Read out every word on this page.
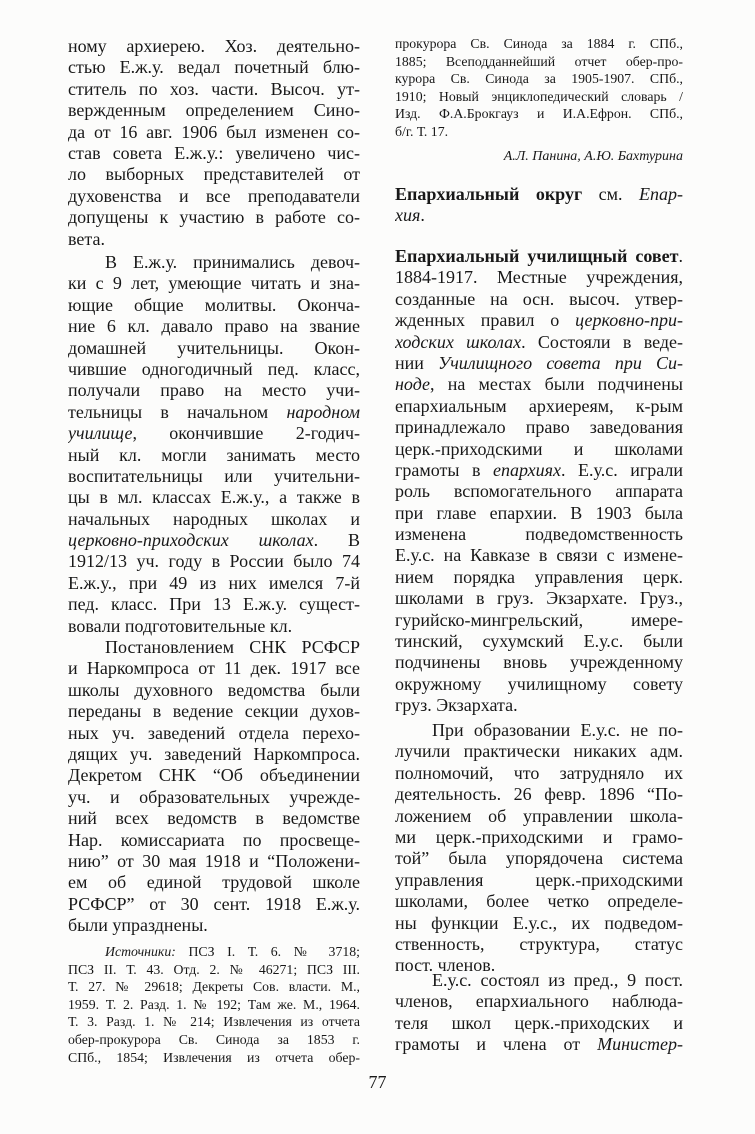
ному архиерею. Хоз. деятельно-
стью Е.ж.у. ведал почетный блю-
ститель по хоз. части. Высоч. ут-
вержденным определением Сино-
да от 16 авг. 1906 был изменен со-
став совета Е.ж.у.: увеличено чис-
ло выборных представителей от
духовенства и все преподаватели
допущены к участию в работе со-
вета.
В Е.ж.у. принимались девоч-
ки с 9 лет, умеющие читать и зна-
ющие общие молитвы. Оконча-
ние 6 кл. давало право на звание
домашней учительницы. Окон-
чившие одногодичный пед. класс,
получали право на место учи-
тельницы в начальном народном
училище, окончившие 2-годич-
ный кл. могли занимать место
воспитательницы или учительни-
цы в мл. классах Е.ж.у., а также в
начальных народных школах и
церковно-приходских школах. В
1912/13 уч. году в России было 74
Е.ж.у., при 49 из них имелся 7-й
пед. класс. При 13 Е.ж.у. сущест-
вовали подготовительные кл.
Постановлением СНК РСФСР
и Наркомпроса от 11 дек. 1917 все
школы духовного ведомства были
переданы в ведение секции духов-
ных уч. заведений отдела перехо-
дящих уч. заведений Наркомпроса.
Декретом СНК “Об объединении
уч. и образовательных учрежде-
ний всех ведомств в ведомстве
Нар. комиссариата по просвеще-
нию” от 30 мая 1918 и “Положени-
ем об единой трудовой школе
РСФСР” от 30 сент. 1918 Е.ж.у.
были упразднены.
Источники: ПСЗ I. Т. 6. № 3718;
ПСЗ II. Т. 43. Отд. 2. № 46271; ПСЗ III.
Т. 27. № 29618; Декреты Сов. власти. М.,
1959. Т. 2. Разд. 1. № 192; Там же. М., 1964.
Т. 3. Разд. 1. № 214; Извлечения из отчета
обер-прокурора Св. Синода за 1853 г.
СПб., 1854; Извлечения из отчета обер-
прокурора Св. Синода за 1884 г. СПб.,
1885; Всеподданнейший отчет обер-про-
курора Св. Синода за 1905-1907. СПб.,
1910; Новый энциклопедический словарь /
Изд. Ф.А.Брокгауз и И.А.Ефрон. СПб.,
б/г. Т. 17.
А.Л. Панина, А.Ю. Бахтурина
Епархиальный округ см. Епар-
хия.
Епархиальный училищный совет.
1884-1917. Местные учреждения,
созданные на осн. высоч. утвер-
жденных правил о церковно-при-
ходских школах. Состояли в веде-
нии Училищного совета при Си-
ноде, на местах были подчинены
епархиальным архиереям, к-рым
принадлежало право заведования
церк.-приходскими и школами
грамоты в епархиях. Е.у.с. играли
роль вспомогательного аппарата
при главе епархии. В 1903 была
изменена подведомственность
Е.у.с. на Кавказе в связи с измене-
нием порядка управления церк.
школами в груз. Экзархате. Груз.,
гурийско-мингрельский, имере-
тинский, сухумский Е.у.с. были
подчинены вновь учрежденному
окружному училищному совету
груз. Экзархата.
При образовании Е.у.с. не по-
лучили практически никаких адм.
полномочий, что затрудняло их
деятельность. 26 февр. 1896 “По-
ложением об управлении школа-
ми церк.-приходскими и грамо-
той” была упорядочена система
управления церк.-приходскими
школами, более четко определе-
ны функции Е.у.с., их подведом-
ственность, структура, статус
пост. членов.
Е.у.с. состоял из пред., 9 пост.
членов, епархиального наблюда-
теля школ церк.-приходских и
грамоты и члена от Министер-
77
